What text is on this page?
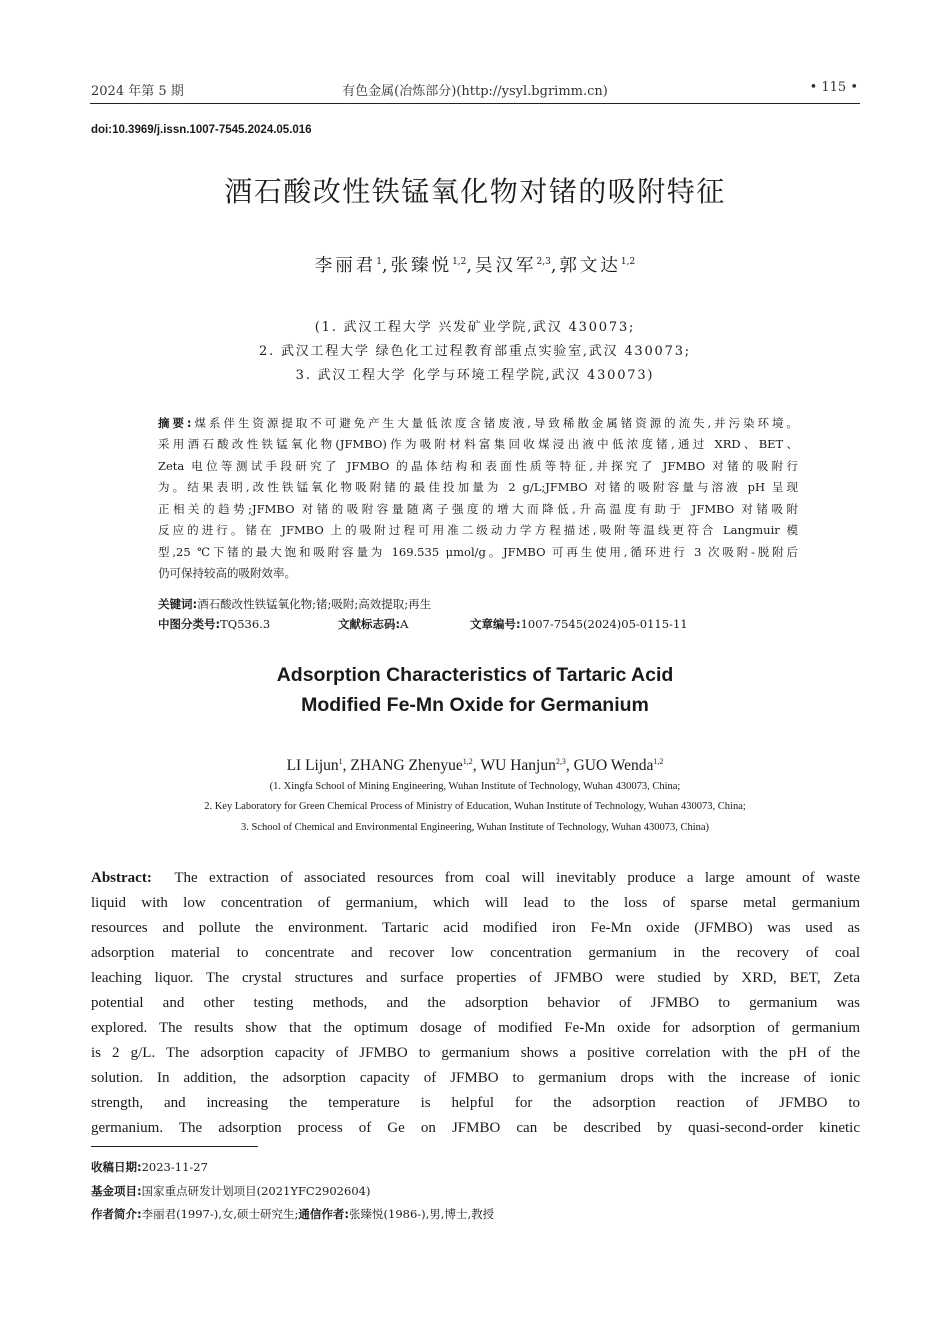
2024 年第 5 期	有色金属(冶炼部分)(http://ysyl.bgrimm.cn)	• 115 •
doi:10.3969/j.issn.1007-7545.2024.05.016
酒石酸改性铁锰氧化物对锗的吸附特征
李丽君$^1$,张臻悦$^{1,2}$,吴汉军$^{2,3}$,郭文达$^{1,2}$
(1. 武汉工程大学 兴发矿业学院,武汉 430073;
2. 武汉工程大学 绿色化工过程教育部重点实验室,武汉 430073;
3. 武汉工程大学 化学与环境工程学院,武汉 430073)
摘要:煤系伴生资源提取不可避免产生大量低浓度含锗废液,导致稀散金属锗资源的流失,并污染环境。
采用酒石酸改性铁锰氧化物(JFMBO)作为吸附材料富集回收煤浸出液中低浓度锗,通过 XRD、BET、
Zeta 电位等测试手段研究了 JFMBO 的晶体结构和表面性质等特征,并探究了 JFMBO 对锗的吸附行
为。结果表明,改性铁锰氧化物吸附锗的最佳投加量为 2 g/L;JFMBO 对锗的吸附容量与溶液 pH 呈现
正相关的趋势;JFMBO 对锗的吸附容量随离子强度的增大而降低,升高温度有助于 JFMBO 对锗吸附
反应的进行。锗在 JFMBO 上的吸附过程可用准二级动力学方程描述,吸附等温线更符合 Langmuir 模
型,25 ℃下锗的最大饱和吸附容量为 169.535 μmol/g。JFMBO 可再生使用,循环进行 3 次吸附-脱附后
仍可保持较高的吸附效率。
关键词:酒石酸改性铁锰氧化物;锗;吸附;高效提取;再生
中图分类号:TQ536.3	文献标志码:A	文章编号:1007-7545(2024)05-0115-11
Adsorption Characteristics of Tartaric Acid
Modified Fe-Mn Oxide for Germanium
LI Lijun$^1$, ZHANG Zhenyue$^{1,2}$, WU Hanjun$^{2,3}$, GUO Wenda$^{1,2}$
(1. Xingfa School of Mining Engineering, Wuhan Institute of Technology, Wuhan 430073, China;
2. Key Laboratory for Green Chemical Process of Ministry of Education, Wuhan Institute of Technology, Wuhan 430073, China;
3. School of Chemical and Environmental Engineering, Wuhan Institute of Technology, Wuhan 430073, China)
Abstract: The extraction of associated resources from coal will inevitably produce a large amount of waste
liquid with low concentration of germanium, which will lead to the loss of sparse metal germanium
resources and pollute the environment. Tartaric acid modified iron Fe-Mn oxide (JFMBO) was used as
adsorption material to concentrate and recover low concentration germanium in the recovery of coal
leaching liquor. The crystal structures and surface properties of JFMBO were studied by XRD, BET, Zeta
potential and other testing methods, and the adsorption behavior of JFMBO to germanium was
explored. The results show that the optimum dosage of modified Fe-Mn oxide for adsorption of germanium
is 2 g/L. The adsorption capacity of JFMBO to germanium shows a positive correlation with the pH of the
solution. In addition, the adsorption capacity of JFMBO to germanium drops with the increase of ionic
strength, and increasing the temperature is helpful for the adsorption reaction of JFMBO to
germanium. The adsorption process of Ge on JFMBO can be described by quasi-second-order kinetic
收稿日期:2023-11-27
基金项目:国家重点研发计划项目(2021YFC2902604)
作者简介:李丽君(1997-),女,硕士研究生;通信作者:张臻悦(1986-),男,博士,教授
